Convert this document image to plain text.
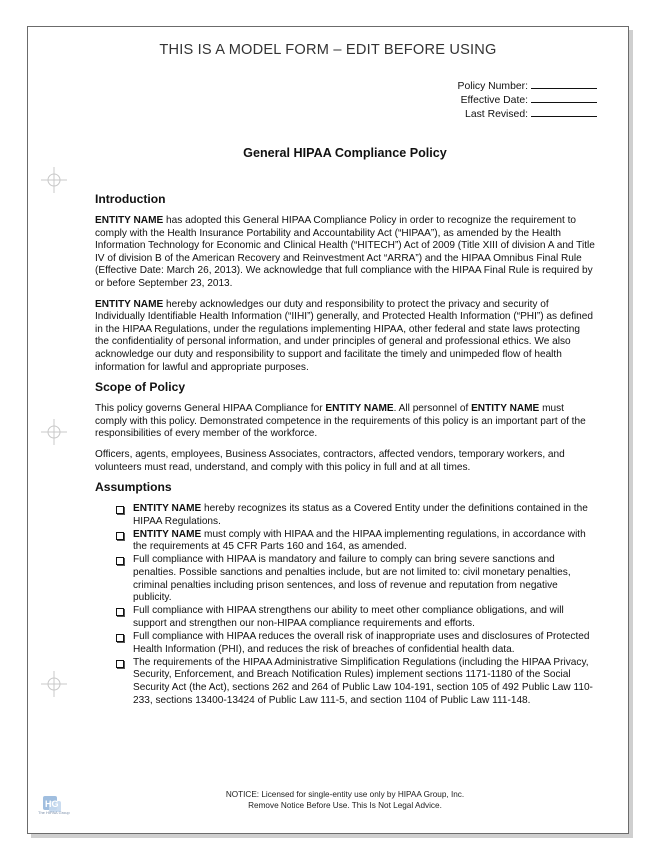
THIS IS A MODEL FORM – EDIT BEFORE USING

Policy Number:
Effective Date:
Last Revised:
General HIPAA Compliance Policy
Introduction

ENTITY NAME has adopted this General HIPAA Compliance Policy in order to recognize the requirement to comply with the Health Insurance Portability and Accountability Act (“HIPAA”), as amended by the Health Information Technology for Economic and Clinical Health (“HITECH”) Act of 2009 (Title XIII of division A and Title IV of division B of the American Recovery and Reinvestment Act “ARRA”) and the HIPAA Omnibus Final Rule (Effective Date: March 26, 2013). We acknowledge that full compliance with the HIPAA Final Rule is required by or before September 23, 2013.

ENTITY NAME hereby acknowledges our duty and responsibility to protect the privacy and security of Individually Identifiable Health Information (“IIHI”) generally, and Protected Health Information (“PHI”) as defined in the HIPAA Regulations, under the regulations implementing HIPAA, other federal and state laws protecting the confidentiality of personal information, and under principles of general and professional ethics. We also acknowledge our duty and responsibility to support and facilitate the timely and unimpeded flow of health information for lawful and appropriate purposes.

Scope of Policy

This policy governs General HIPAA Compliance for ENTITY NAME. All personnel of ENTITY NAME must comply with this policy. Demonstrated competence in the requirements of this policy is an important part of the responsibilities of every member of the workforce.

Officers, agents, employees, Business Associates, contractors, affected vendors, temporary workers, and volunteers must read, understand, and comply with this policy in full and at all times.

Assumptions
ENTITY NAME hereby recognizes its status as a Covered Entity under the definitions contained in the HIPAA Regulations.
ENTITY NAME must comply with HIPAA and the HIPAA implementing regulations, in accordance with the requirements at 45 CFR Parts 160 and 164, as amended.
Full compliance with HIPAA is mandatory and failure to comply can bring severe sanctions and penalties. Possible sanctions and penalties include, but are not limited to: civil monetary penalties, criminal penalties including prison sentences, and loss of revenue and reputation from negative publicity.
Full compliance with HIPAA strengthens our ability to meet other compliance obligations, and will support and strengthen our non-HIPAA compliance requirements and efforts.
Full compliance with HIPAA reduces the overall risk of inappropriate uses and disclosures of Protected Health Information (PHI), and reduces the risk of breaches of confidential health data.
The requirements of the HIPAA Administrative Simplification Regulations (including the HIPAA Privacy, Security, Enforcement, and Breach Notification Rules) implement sections 1171-1180 of the Social Security Act (the Act), sections 262 and 264 of Public Law 104-191, section 105 of 492 Public Law 110-233, sections 13400-13424 of Public Law 111-5, and section 1104 of Public Law 111-148.
NOTICE: Licensed for single-entity use only by HIPAA Group, Inc.
Remove Notice Before Use. This Is Not Legal Advice.
HG
The HIPAA Group
